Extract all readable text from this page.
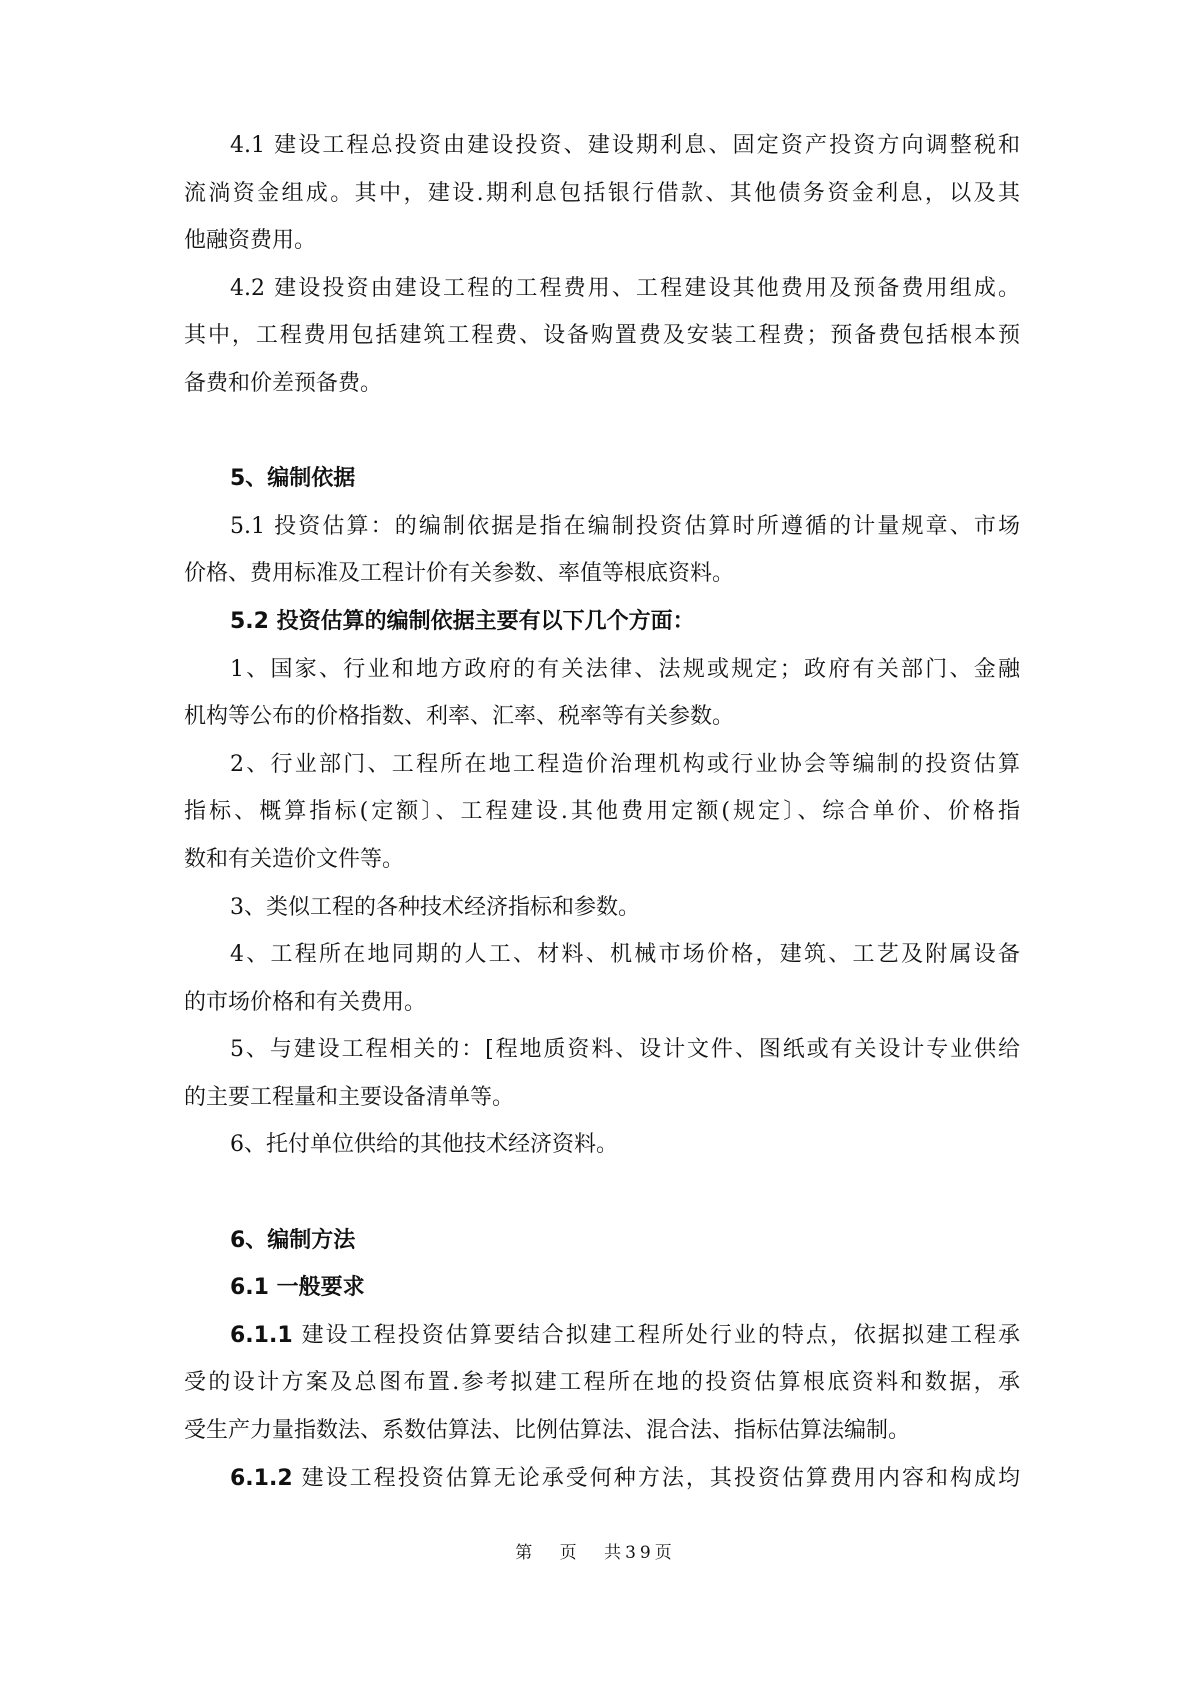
4.1 建设工程总投资由建设投资、建设期利息、固定资产投资方向调整税和
流淌资金组成。其中，建设.期利息包括银行借款、其他债务资金利息，以及其
他融资费用。
4.2 建设投资由建设工程的工程费用、工程建设其他费用及预备费用组成。
其中，工程费用包括建筑工程费、设备购置费及安装工程费；预备费包括根本预
备费和价差预备费。
5、编制依据
5.1 投资估算：的编制依据是指在编制投资估算时所遵循的计量规章、市场
价格、费用标准及工程计价有关参数、率值等根底资料。
5.2 投资估算的编制依据主要有以下几个方面：
1、国家、行业和地方政府的有关法律、法规或规定；政府有关部门、金融
机构等公布的价格指数、利率、汇率、税率等有关参数。
2、行业部门、工程所在地工程造价治理机构或行业协会等编制的投资估算
指标、概算指标(定额〕、工程建设.其他费用定额(规定〕、综合单价、价格指
数和有关造价文件等。
3、类似工程的各种技术经济指标和参数。
4、工程所在地同期的人工、材料、机械市场价格，建筑、工艺及附属设备
的市场价格和有关费用。
5、与建设工程相关的：[程地质资料、设计文件、图纸或有关设计专业供给
的主要工程量和主要设备清单等。
6、托付单位供给的其他技术经济资料。
6、编制方法
6.1 一般要求
6.1.1 建设工程投资估算要结合拟建工程所处行业的特点，依据拟建工程承
受的设计方案及总图布置.参考拟建工程所在地的投资估算根底资料和数据，承
受生产力量指数法、系数估算法、比例估算法、混合法、指标估算法编制。
6.1.2 建设工程投资估算无论承受何种方法，其投资估算费用内容和构成均
第 页 共39页
